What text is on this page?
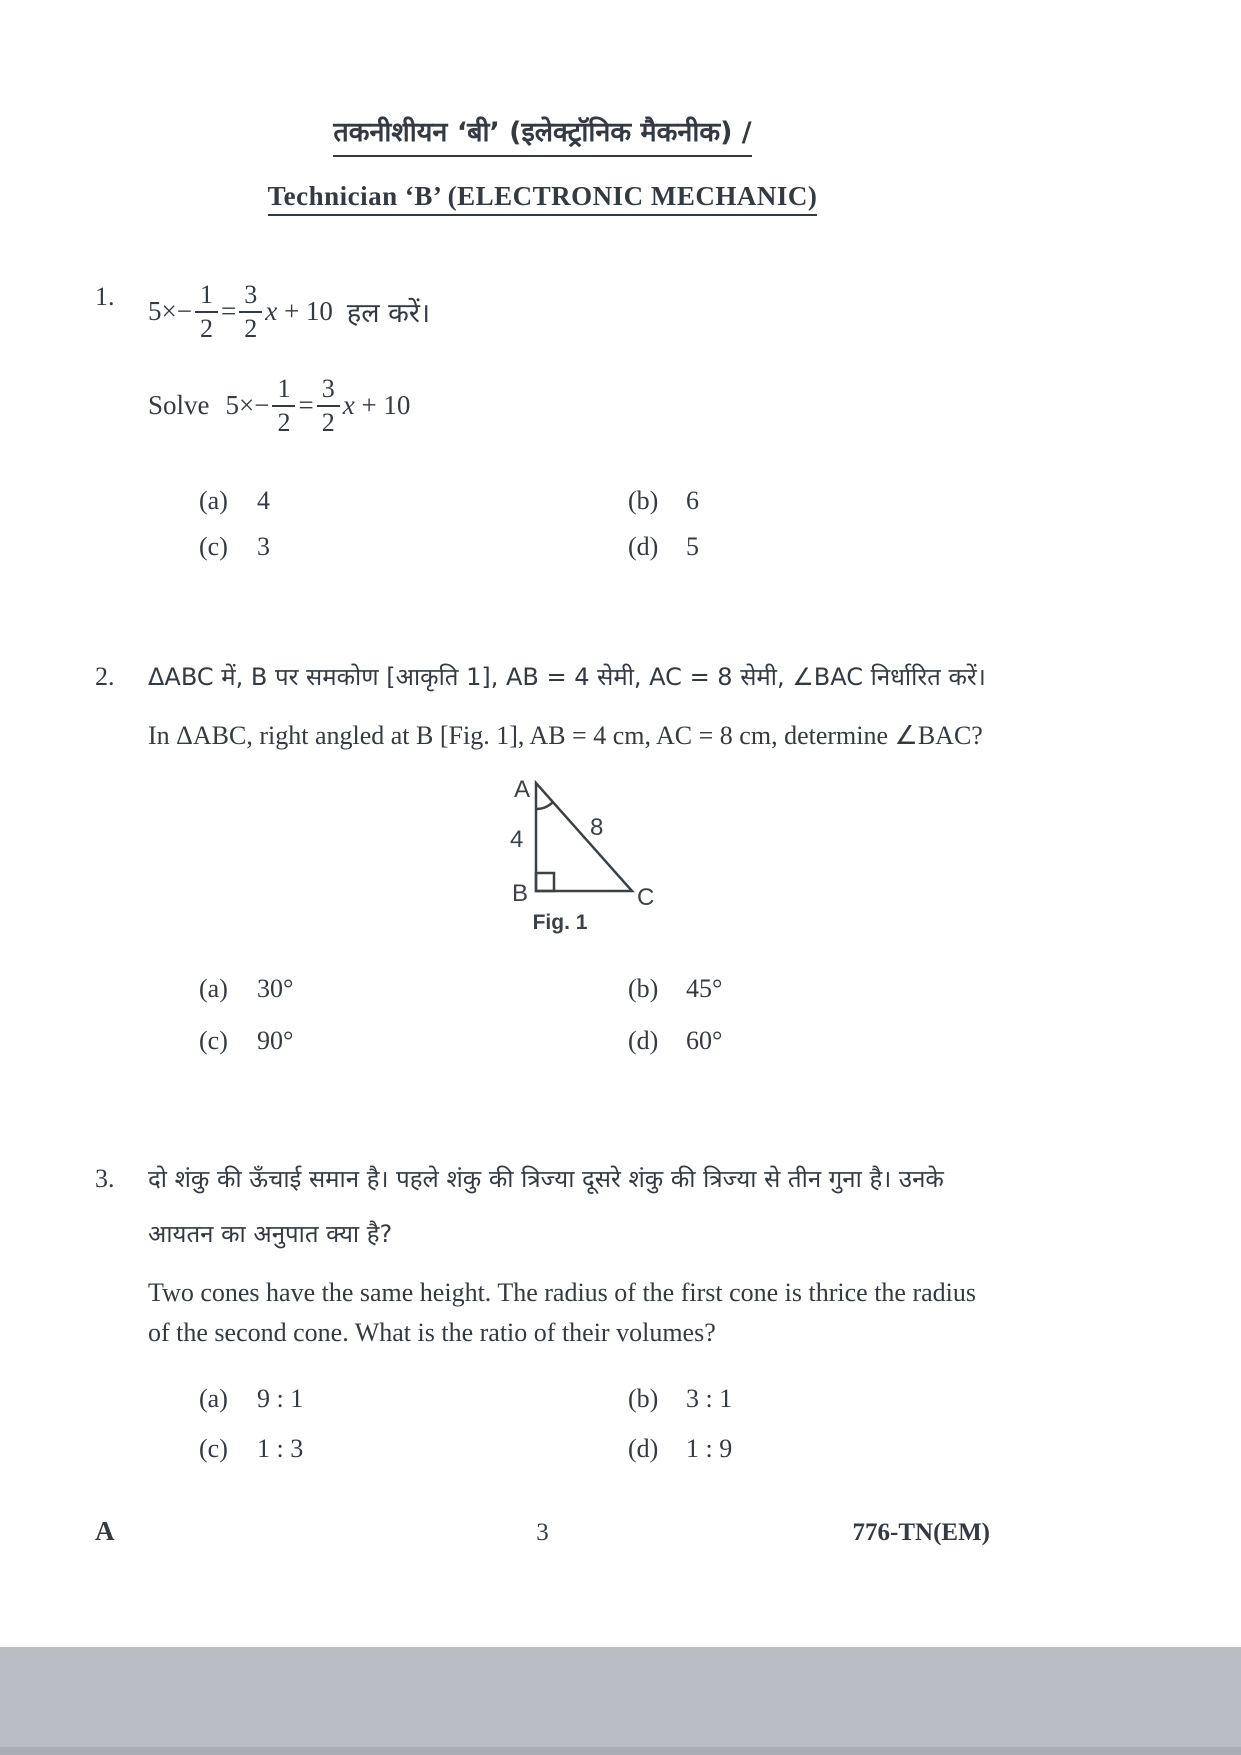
तकनीशीयन ‘बी’ (इलेक्ट्रॉनिक मैकनीक) /
Technician ‘B’ (ELECTRONIC MECHANIC)
1.	$5\times- \frac{1}{2} = \frac{3}{2}$ x + 10 हल करें।
Solve $5\times- \frac{1}{2} = \frac{3}{2}$ x + 10
(a)	4	(b)	6
(c)	3	(d)	5
2.	ΔABC में, B पर समकोण [आकृति 1], AB = 4 सेमी, AC = 8 सेमी, ∠BAC निर्धारित करें।
In ΔABC, right angled at B [Fig. 1], AB = 4 cm, AC = 8 cm, determine ∠BAC?
A
4	8
B	C
Fig. 1
(a)	30°	(b)	45°
(c)	90°	(d)	60°
3.	दो शंकु की ऊँचाई समान है। पहले शंकु की त्रिज्या दूसरे शंकु की त्रिज्या से तीन गुना है। उनके
आयतन का अनुपात क्या है?
Two cones have the same height. The radius of the first cone is thrice the radius
of the second cone. What is the ratio of their volumes?
(a)	9 : 1	(b)	3 : 1
(c)	1 : 3	(d)	1 : 9
A	3	776-TN(EM)
